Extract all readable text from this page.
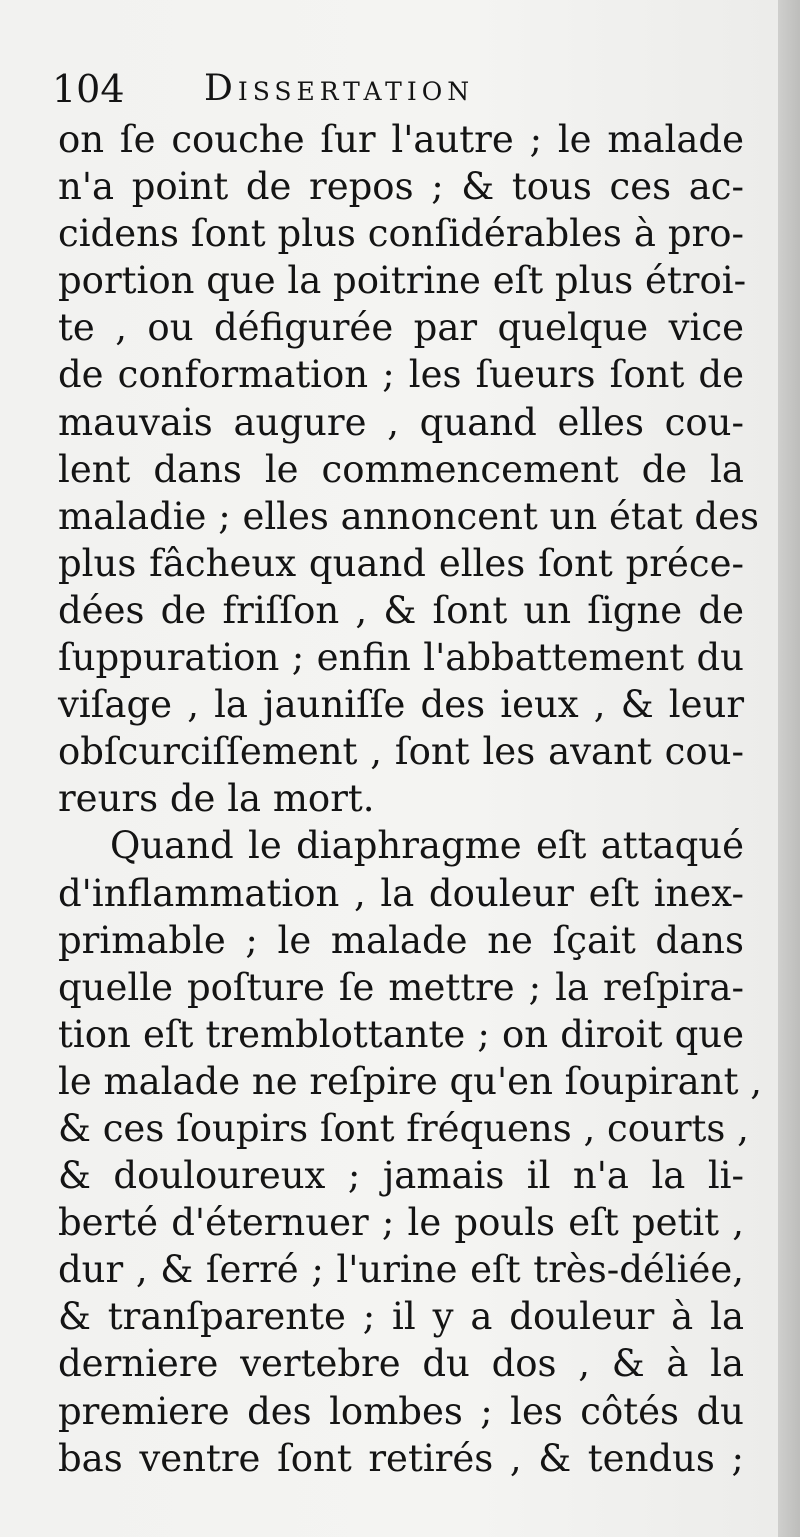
104 Dissertation
on ſe couche ſur l'autre ; le malade
n'a point de repos ; & tous ces ac-
cidens ſont plus conſidérables à pro-
portion que la poitrine eſt plus étroi-
te , ou défigurée par quelque vice
de conformation ; les ſueurs ſont de
mauvais augure , quand elles cou-
lent dans le commencement de la
maladie ; elles annoncent un état des
plus fâcheux quand elles ſont préce-
dées de friſſon , & ſont un ſigne de
ſuppuration ; enfin l'abbattement du
viſage , la jauniſſe des ieux , & leur
obſcurciſſement , ſont les avant cou-
reurs de la mort.
Quand le diaphragme eſt attaqué
d'inflammation , la douleur eſt inex-
primable ; le malade ne ſçait dans
quelle poſture ſe mettre ; la reſpira-
tion eſt tremblottante ; on diroit que
le malade ne reſpire qu'en ſoupirant ,
& ces ſoupirs ſont fréquens , courts ,
& douloureux ; jamais il n'a la li-
berté d'éternuer ; le pouls eſt petit ,
dur , & ſerré ; l'urine eſt très-déliée,
& tranſparente ; il y a douleur à la
derniere vertebre du dos , & à la
premiere des lombes ; les côtés du
bas ventre ſont retirés , & tendus ;
